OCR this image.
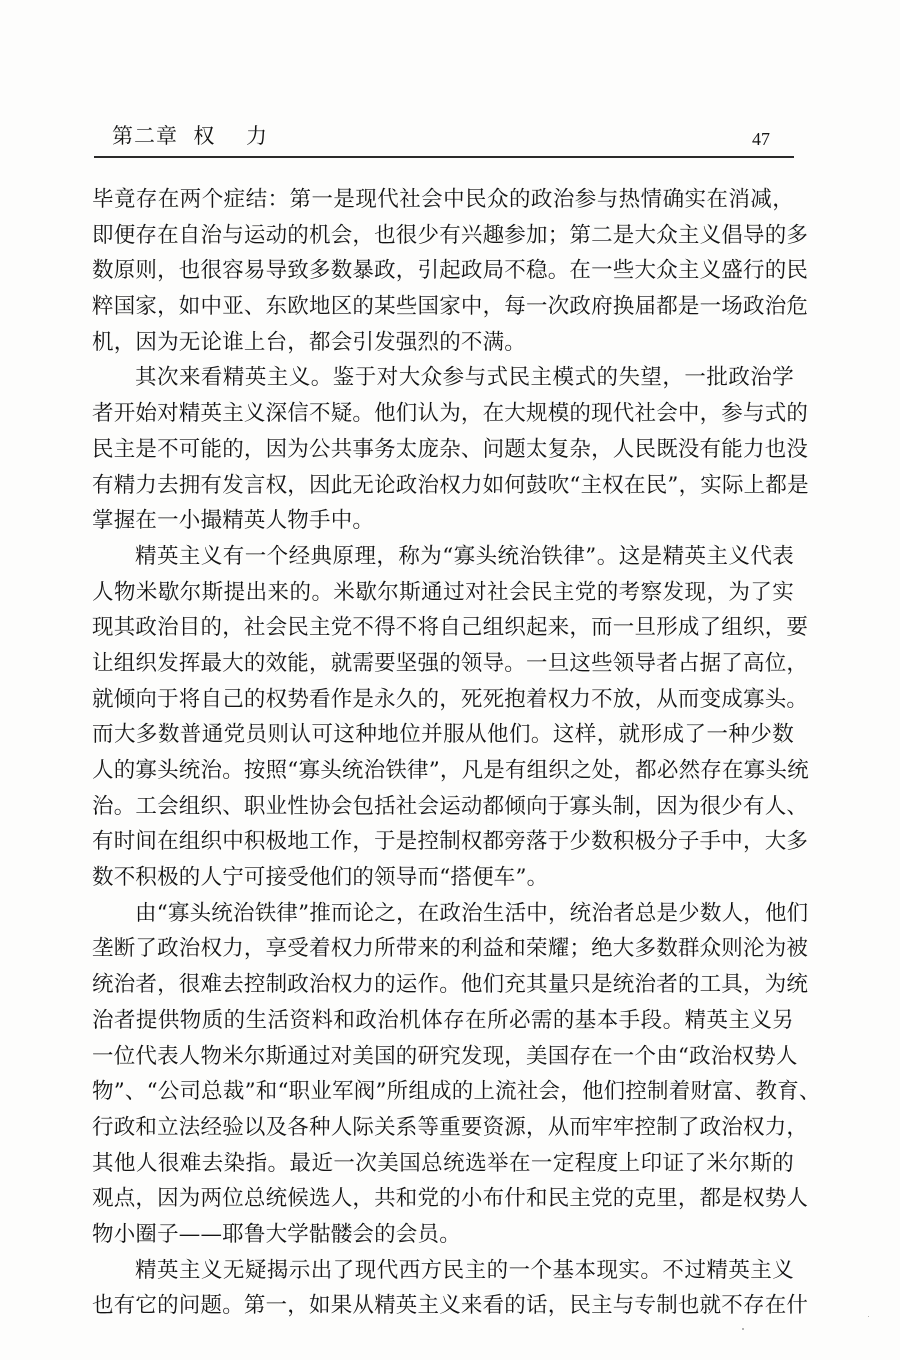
第二章  权    力	47
毕竟存在两个症结：第一是现代社会中民众的政治参与热情确实在消减，
即便存在自治与运动的机会，也很少有兴趣参加；第二是大众主义倡导的多
数原则，也很容易导致多数暴政，引起政局不稳。在一些大众主义盛行的民
粹国家，如中亚、东欧地区的某些国家中，每一次政府换届都是一场政治危
机，因为无论谁上台，都会引发强烈的不满。
其次来看精英主义。鉴于对大众参与式民主模式的失望，一批政治学
者开始对精英主义深信不疑。他们认为，在大规模的现代社会中，参与式的
民主是不可能的，因为公共事务太庞杂、问题太复杂，人民既没有能力也没
有精力去拥有发言权，因此无论政治权力如何鼓吹“主权在民”，实际上都是
掌握在一小撮精英人物手中。
精英主义有一个经典原理，称为“寡头统治铁律”。这是精英主义代表
人物米歇尔斯提出来的。米歇尔斯通过对社会民主党的考察发现，为了实
现其政治目的，社会民主党不得不将自己组织起来，而一旦形成了组织，要
让组织发挥最大的效能，就需要坚强的领导。一旦这些领导者占据了高位，
就倾向于将自己的权势看作是永久的，死死抱着权力不放，从而变成寡头。
而大多数普通党员则认可这种地位并服从他们。这样，就形成了一种少数
人的寡头统治。按照“寡头统治铁律”，凡是有组织之处，都必然存在寡头统
治。工会组织、职业性协会包括社会运动都倾向于寡头制，因为很少有人、
有时间在组织中积极地工作，于是控制权都旁落于少数积极分子手中，大多
数不积极的人宁可接受他们的领导而“搭便车”。
由“寡头统治铁律”推而论之，在政治生活中，统治者总是少数人，他们
垄断了政治权力，享受着权力所带来的利益和荣耀；绝大多数群众则沦为被
统治者，很难去控制政治权力的运作。他们充其量只是统治者的工具，为统
治者提供物质的生活资料和政治机体存在所必需的基本手段。精英主义另
一位代表人物米尔斯通过对美国的研究发现，美国存在一个由“政治权势人
物”、“公司总裁”和“职业军阀”所组成的上流社会，他们控制着财富、教育、
行政和立法经验以及各种人际关系等重要资源，从而牢牢控制了政治权力，
其他人很难去染指。最近一次美国总统选举在一定程度上印证了米尔斯的
观点，因为两位总统候选人，共和党的小布什和民主党的克里，都是权势人
物小圈子——耶鲁大学骷髅会的会员。
精英主义无疑揭示出了现代西方民主的一个基本现实。不过精英主义
也有它的问题。第一，如果从精英主义来看的话，民主与专制也就不存在什
